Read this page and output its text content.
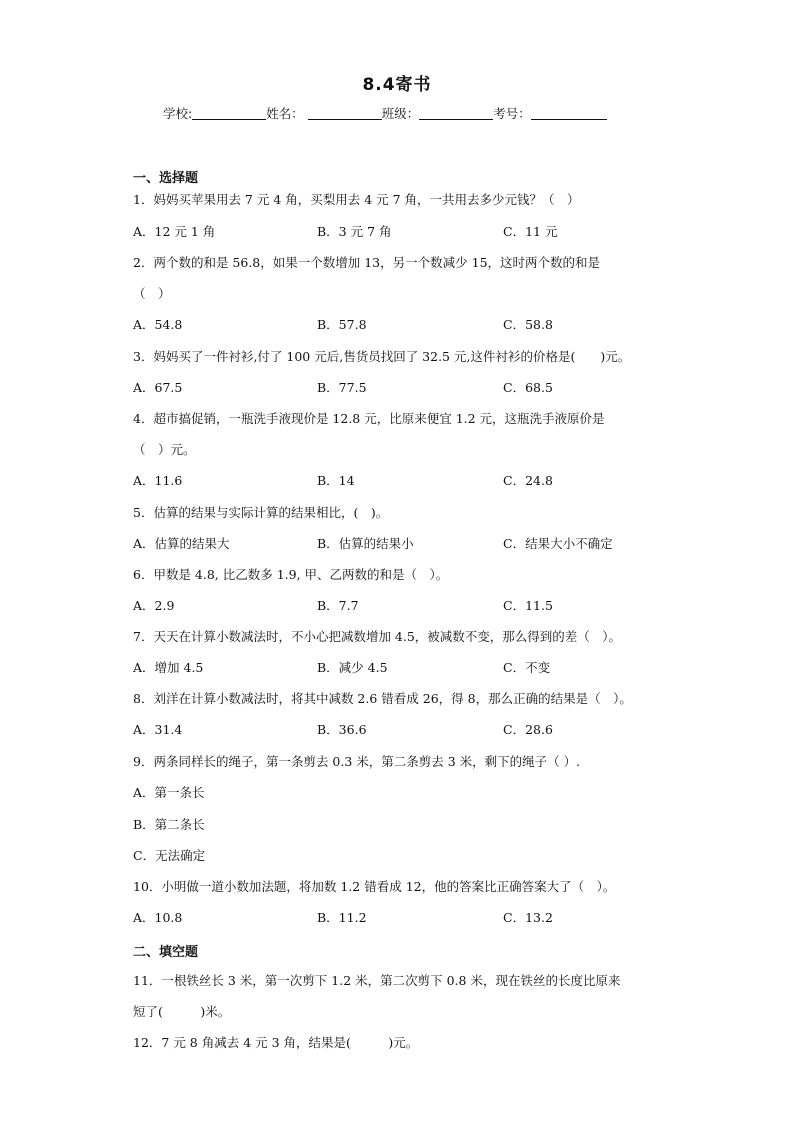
8.4寄书
学校:	姓名：	班级：	考号：
一、选择题
1．妈妈买苹果用去 7 元 4 角，买梨用去 4 元 7 角，一共用去多少元钱？（　）
A．12 元 1 角	B．3 元 7 角	C．11 元
2．两个数的和是 56.8，如果一个数增加 13，另一个数减少 15，这时两个数的和是
（　）
A．54.8	B．57.8	C．58.8
3．妈妈买了一件衬衫,付了 100 元后,售货员找回了 32.5 元,这件衬衫的价格是(　　)元。
A．67.5	B．77.5	C．68.5
4．超市搞促销，一瓶洗手液现价是 12.8 元，比原来便宜 1.2 元，这瓶洗手液原价是
（　）元。
A．11.6	B．14	C．24.8
5．估算的结果与实际计算的结果相比，(　)。
A．估算的结果大	B．估算的结果小	C．结果大小不确定
6．甲数是 4.8, 比乙数多 1.9, 甲、乙两数的和是（　）。
A．2.9	B．7.7	C．11.5
7．天天在计算小数减法时，不小心把减数增加 4.5，被减数不变，那么得到的差（　）。
A．增加 4.5	B．减少 4.5	C．不变
8．刘洋在计算小数减法时，将其中减数 2.6 错看成 26，得 8，那么正确的结果是（　）。
A．31.4	B．36.6	C．28.6
9．两条同样长的绳子，第一条剪去 0.3 米，第二条剪去 3 米，剩下的绳子（ ）.
A．第一条长
B．第二条长
C．无法确定
10．小明做一道小数加法题，将加数 1.2 错看成 12，他的答案比正确答案大了（　）。
A．10.8	B．11.2	C．13.2
二、填空题
11．一根铁丝长 3 米，第一次剪下 1.2 米，第二次剪下 0.8 米，现在铁丝的长度比原来
短了(　　　)米。
12．7 元 8 角减去 4 元 3 角，结果是(　　　)元。
